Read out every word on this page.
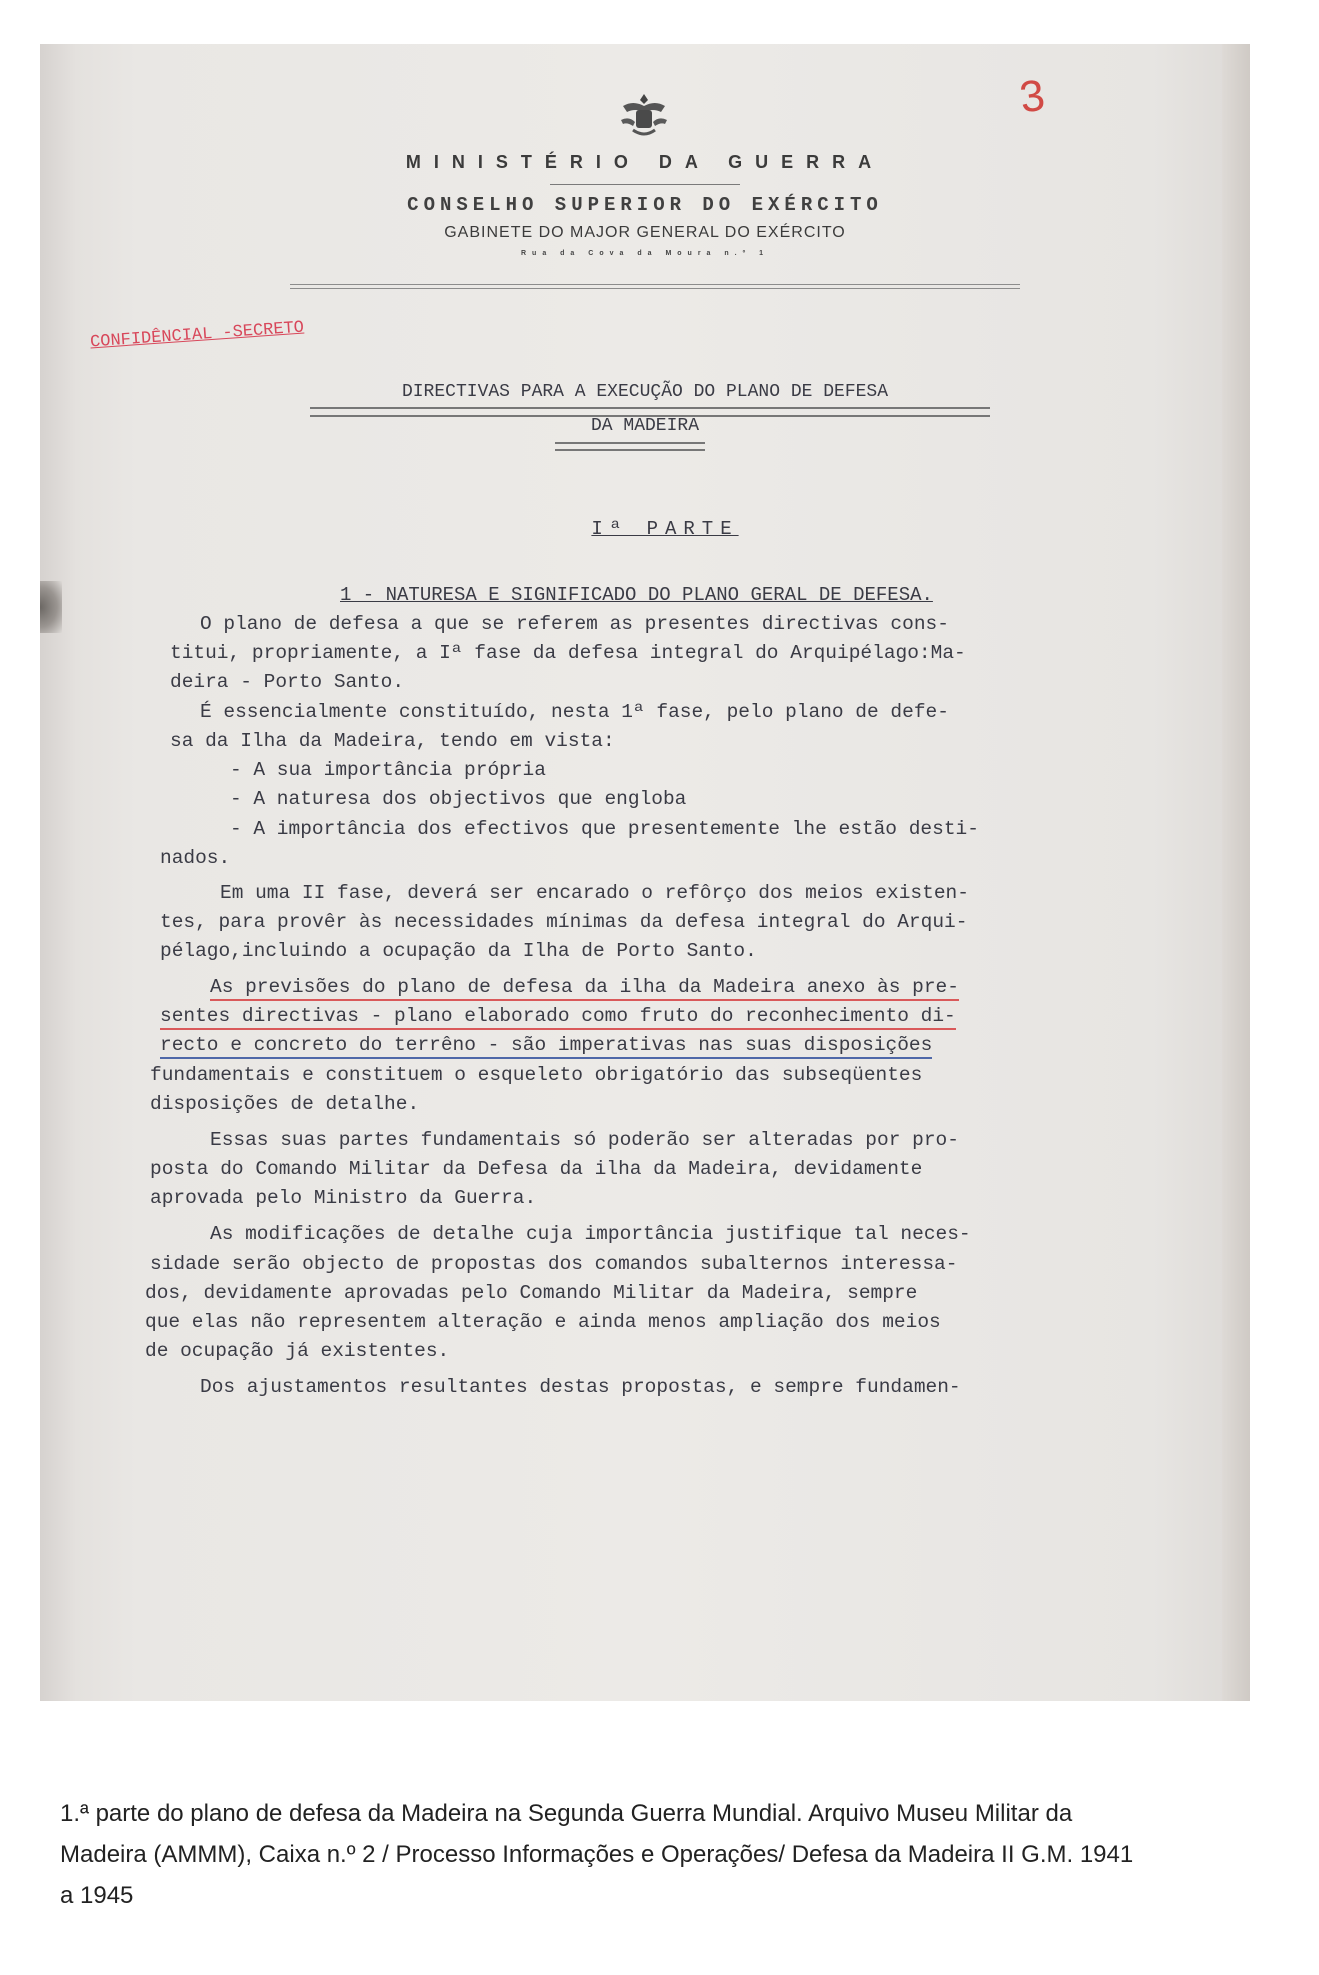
3
MINISTÉRIO DA GUERRA
CONSELHO SUPERIOR DO EXÉRCITO
GABINETE DO MAJOR GENERAL DO EXÉRCITO
Rua da Cova da Moura n.º 1
CONFIDÊNCIAL -SECRETO
DIRECTIVAS PARA A EXECUÇÃO DO PLANO DE DEFESA
DA MADEIRA
Iª PARTE
1 - NATURESA E SIGNIFICADO DO PLANO GERAL DE DEFESA.
O plano de defesa a que se referem as presentes directivas cons-
titui, propriamente, a Iª fase da defesa integral do Arquipélago:Ma-
deira - Porto Santo.
É essencialmente constituído, nesta 1ª fase, pelo plano de defe-
sa da Ilha da Madeira, tendo em vista:
- A sua importância própria
- A naturesa dos objectivos que engloba
- A importância dos efectivos que presentemente lhe estão desti-
nados.
Em uma II fase, deverá ser encarado o refôrço dos meios existen-
tes, para provêr às necessidades mínimas da defesa integral do Arqui-
pélago,incluindo a ocupação da Ilha de Porto Santo.
As previsões do plano de defesa da ilha da Madeira anexo às pre-
sentes directivas - plano elaborado como fruto do reconhecimento di-
recto e concreto do terrêno - são imperativas nas suas disposições
fundamentais e constituem o esqueleto obrigatório das subseqüentes
disposições de detalhe.
Essas suas partes fundamentais só poderão ser alteradas por pro-
posta do Comando Militar da Defesa da ilha da Madeira, devidamente
aprovada pelo Ministro da Guerra.
As modificações de detalhe cuja importância justifique tal neces-
sidade serão objecto de propostas dos comandos subalternos interessa-
dos, devidamente aprovadas pelo Comando Militar da Madeira, sempre
que elas não representem alteração e ainda menos ampliação dos meios
de ocupação já existentes.
Dos ajustamentos resultantes destas propostas, e sempre fundamen-
1.ª parte do plano de defesa da Madeira na Segunda Guerra Mundial. Arquivo Museu Militar da
Madeira (AMMM), Caixa n.º 2 / Processo Informações e Operações/ Defesa da Madeira II G.M. 1941
a 1945
